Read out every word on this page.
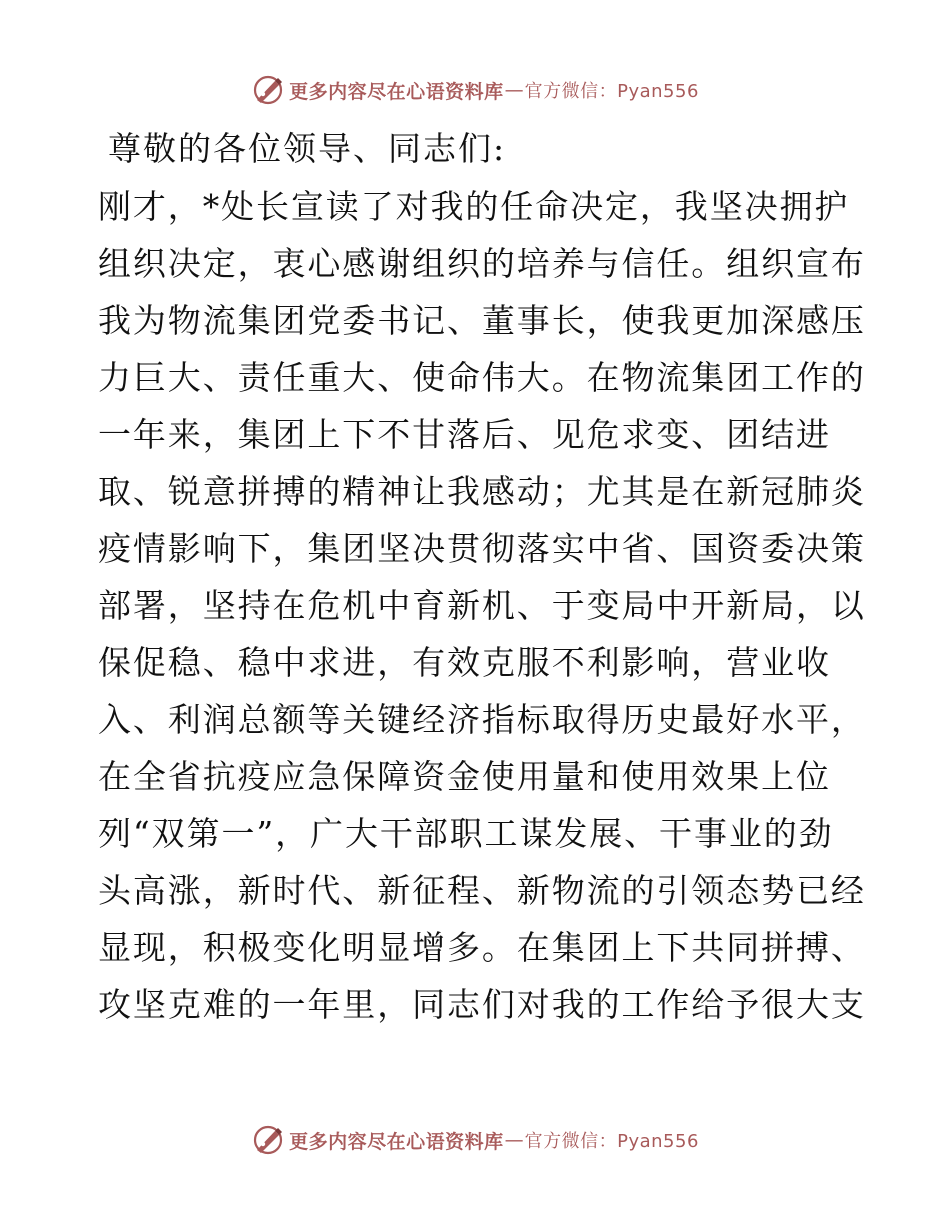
更多内容尽在心语资料库 — 官方微信：Pyan556
尊敬的各位领导、同志们:
刚才，*处长宣读了对我的任命决定，我坚决拥护
组织决定，衷心感谢组织的培养与信任。组织宣布
我为物流集团党委书记、董事长，使我更加深感压
力巨大、责任重大、使命伟大。在物流集团工作的
一年来，集团上下不甘落后、见危求变、团结进
取、锐意拼搏的精神让我感动；尤其是在新冠肺炎
疫情影响下，集团坚决贯彻落实中省、国资委决策
部署，坚持在危机中育新机、于变局中开新局，以
保促稳、稳中求进，有效克服不利影响，营业收
入、利润总额等关键经济指标取得历史最好水平，
在全省抗疫应急保障资金使用量和使用效果上位
列“双第一”，广大干部职工谋发展、干事业的劲
头高涨，新时代、新征程、新物流的引领态势已经
显现，积极变化明显增多。在集团上下共同拼搏、
攻坚克难的一年里，同志们对我的工作给予很大支
更多内容尽在心语资料库 — 官方微信：Pyan556
